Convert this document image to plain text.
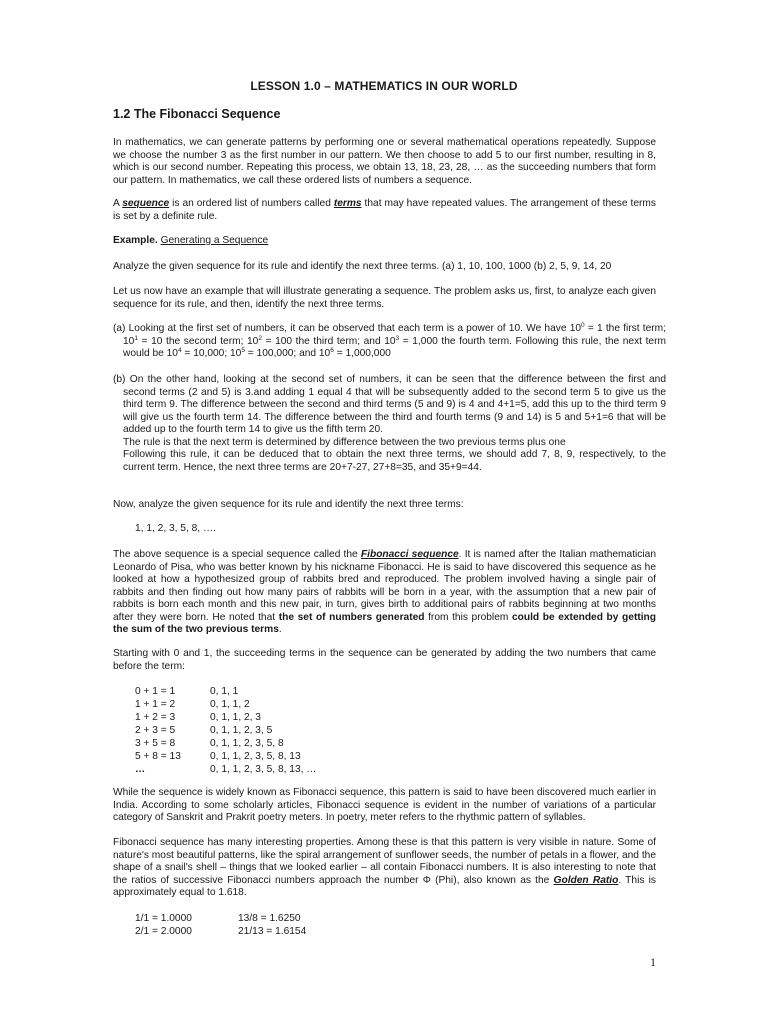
LESSON 1.0 – MATHEMATICS IN OUR WORLD
1.2 The Fibonacci Sequence
In mathematics, we can generate patterns by performing one or several mathematical operations repeatedly. Suppose we choose the number 3 as the first number in our pattern. We then choose to add 5 to our first number, resulting in 8, which is our second number. Repeating this process, we obtain 13, 18, 23, 28, … as the succeeding numbers that form our pattern. In mathematics, we call these ordered lists of numbers a sequence.
A sequence is an ordered list of numbers called terms that may have repeated values. The arrangement of these terms is set by a definite rule.
Example. Generating a Sequence
Analyze the given sequence for its rule and identify the next three terms. (a) 1, 10, 100, 1000 (b) 2, 5, 9, 14, 20
Let us now have an example that will illustrate generating a sequence. The problem asks us, first, to analyze each given sequence for its rule, and then, identify the next three terms.
(a) Looking at the first set of numbers, it can be observed that each term is a power of 10. We have $10^0 = 1$ the first term; $10^1 = 10$ the second term; $10^2 = 100$ the third term; and $10^3 = 1,000$ the fourth term. Following this rule, the next term would be $10^4 = 10,000$; $10^5 = 100,000$; and $10^6 = 1,000,000$
(b) On the other hand, looking at the second set of numbers, it can be seen that the difference between the first and second terms (2 and 5) is 3.and adding 1 equal 4 that will be subsequently added to the second term 5 to give us the third term 9. The difference between the second and third terms (5 and 9) is 4 and 4+1=5, add this up to the third term 9 will give us the fourth term 14. The difference between the third and fourth terms (9 and 14) is 5 and 5+1=6 that will be added up to the fourth term 14 to give us the fifth term 20.
The rule is that the next term is determined by difference between the two previous terms plus one
Following this rule, it can be deduced that to obtain the next three terms, we should add 7, 8, 9, respectively, to the current term. Hence, the next three terms are 20+7-27, 27+8=35, and 35+9=44.
Now, analyze the given sequence for its rule and identify the next three terms:
1, 1, 2, 3, 5, 8, ….
The above sequence is a special sequence called the Fibonacci sequence. It is named after the Italian mathematician Leonardo of Pisa, who was better known by his nickname Fibonacci. He is said to have discovered this sequence as he looked at how a hypothesized group of rabbits bred and reproduced. The problem involved having a single pair of rabbits and then finding out how many pairs of rabbits will be born in a year, with the assumption that a new pair of rabbits is born each month and this new pair, in turn, gives birth to additional pairs of rabbits beginning at two months after they were born. He noted that the set of numbers generated from this problem could be extended by getting the sum of the two previous terms.
Starting with 0 and 1, the succeeding terms in the sequence can be generated by adding the two numbers that came before the term:
0 + 1 = 1	0, 1, 1
1 + 1 = 2	0, 1, 1, 2
1 + 2 = 3	0, 1, 1, 2, 3
2 + 3 = 5	0, 1, 1, 2, 3, 5
3 + 5 = 8	0, 1, 1, 2, 3, 5, 8
5 + 8 = 13	0, 1, 1, 2, 3, 5, 8, 13
…	0, 1, 1, 2, 3, 5, 8, 13, …
While the sequence is widely known as Fibonacci sequence, this pattern is said to have been discovered much earlier in India. According to some scholarly articles, Fibonacci sequence is evident in the number of variations of a particular category of Sanskrit and Prakrit poetry meters. In poetry, meter refers to the rhythmic pattern of syllables.
Fibonacci sequence has many interesting properties. Among these is that this pattern is very visible in nature. Some of nature's most beautiful patterns, like the spiral arrangement of sunflower seeds, the number of petals in a flower, and the shape of a snail's shell – things that we looked earlier – all contain Fibonacci numbers. It is also interesting to note that the ratios of successive Fibonacci numbers approach the number Φ (Phi), also known as the Golden Ratio. This is approximately equal to 1.618.
1/1 = 1.0000	13/8 = 1.6250
2/1 = 2.0000	21/13 = 1.6154
1
